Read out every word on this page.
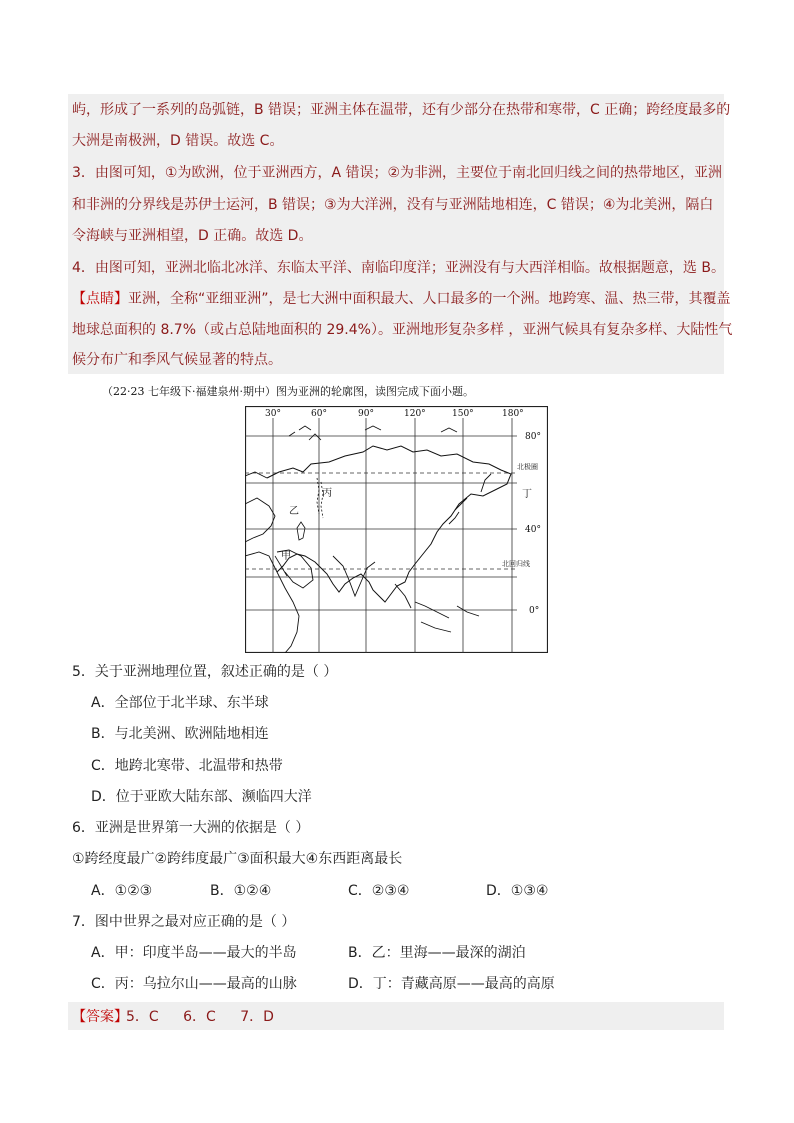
屿，形成了一系列的岛弧链，B 错误；亚洲主体在温带，还有少部分在热带和寒带，C 正确；跨经度最多的
大洲是南极洲，D 错误。故选 C。
3．由图可知，①为欧洲，位于亚洲西方，A 错误；②为非洲，主要位于南北回归线之间的热带地区，亚洲
和非洲的分界线是苏伊士运河，B 错误；③为大洋洲，没有与亚洲陆地相连，C 错误；④为北美洲，隔白
令海峡与亚洲相望，D 正确。故选 D。
4．由图可知，亚洲北临北冰洋、东临太平洋、南临印度洋；亚洲没有与大西洋相临。故根据题意，选 B。
【点睛】亚洲，全称“亚细亚洲”，是七大洲中面积最大、人口最多的一个洲。地跨寒、温、热三带，其覆盖
地球总面积的 8.7%（或占总陆地面积的 29.4%）。亚洲地形复杂多样 ，亚洲气候具有复杂多样、大陆性气
候分布广和季风气候显著的特点。
（22·23 七年级下·福建泉州·期中）图为亚洲的轮廓图，读图完成下面小题。
30°	60°	90°	120°	150°	180°
80°
40°
0°
北极圈
北回归线
甲
乙
丙	丁
5．关于亚洲地理位置，叙述正确的是（ ）
A．全部位于北半球、东半球
B．与北美洲、欧洲陆地相连
C．地跨北寒带、北温带和热带
D．位于亚欧大陆东部、濒临四大洋
6．亚洲是世界第一大洲的依据是（ ）
①跨经度最广②跨纬度最广③面积最大④东西距离最长
A．①②③	B．①②④	C．②③④	D．①③④
7．图中世界之最对应正确的是（ ）
A．甲：印度半岛——最大的半岛	B．乙：里海——最深的湖泊
C．丙：乌拉尔山——最高的山脉	D．丁：青藏高原——最高的高原
【答案】
5．C 6．C 7．D
